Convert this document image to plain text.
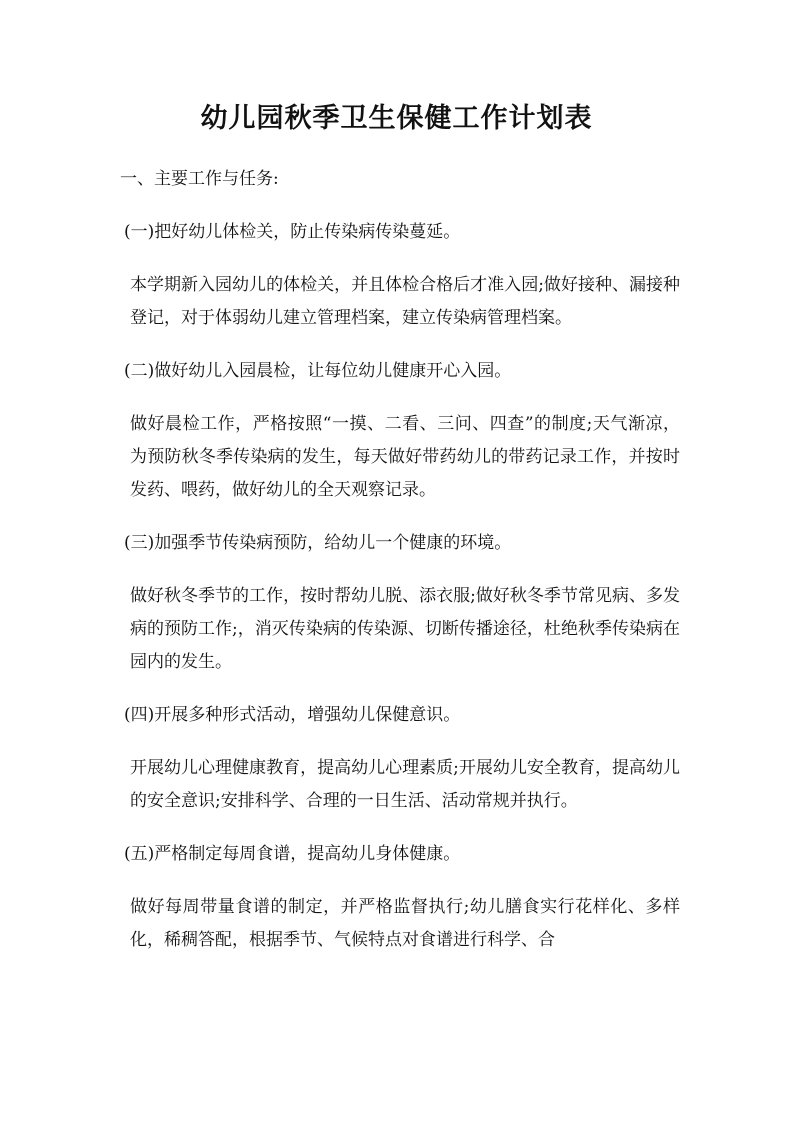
幼儿园秋季卫生保健工作计划表

一、主要工作与任务:

(一)把好幼儿体检关，防止传染病传染蔓延。

本学期新入园幼儿的体检关，并且体检合格后才准入园;做好接种、漏接种登记，对于体弱幼儿建立管理档案，建立传染病管理档案。

(二)做好幼儿入园晨检，让每位幼儿健康开心入园。

做好晨检工作，严格按照“一摸、二看、三问、四查”的制度;天气渐凉，为预防秋冬季传染病的发生，每天做好带药幼儿的带药记录工作，并按时发药、喂药，做好幼儿的全天观察记录。

(三)加强季节传染病预防，给幼儿一个健康的环境。

做好秋冬季节的工作，按时帮幼儿脱、添衣服;做好秋冬季节常见病、多发病的预防工作;，消灭传染病的传染源、切断传播途径，杜绝秋季传染病在园内的发生。

(四)开展多种形式活动，增强幼儿保健意识。

开展幼儿心理健康教育，提高幼儿心理素质;开展幼儿安全教育，提高幼儿的安全意识;安排科学、合理的一日生活、活动常规并执行。

(五)严格制定每周食谱，提高幼儿身体健康。

做好每周带量食谱的制定，并严格监督执行;幼儿膳食实行花样化、多样化，稀稠答配，根据季节、气候特点对食谱进行科学、合
